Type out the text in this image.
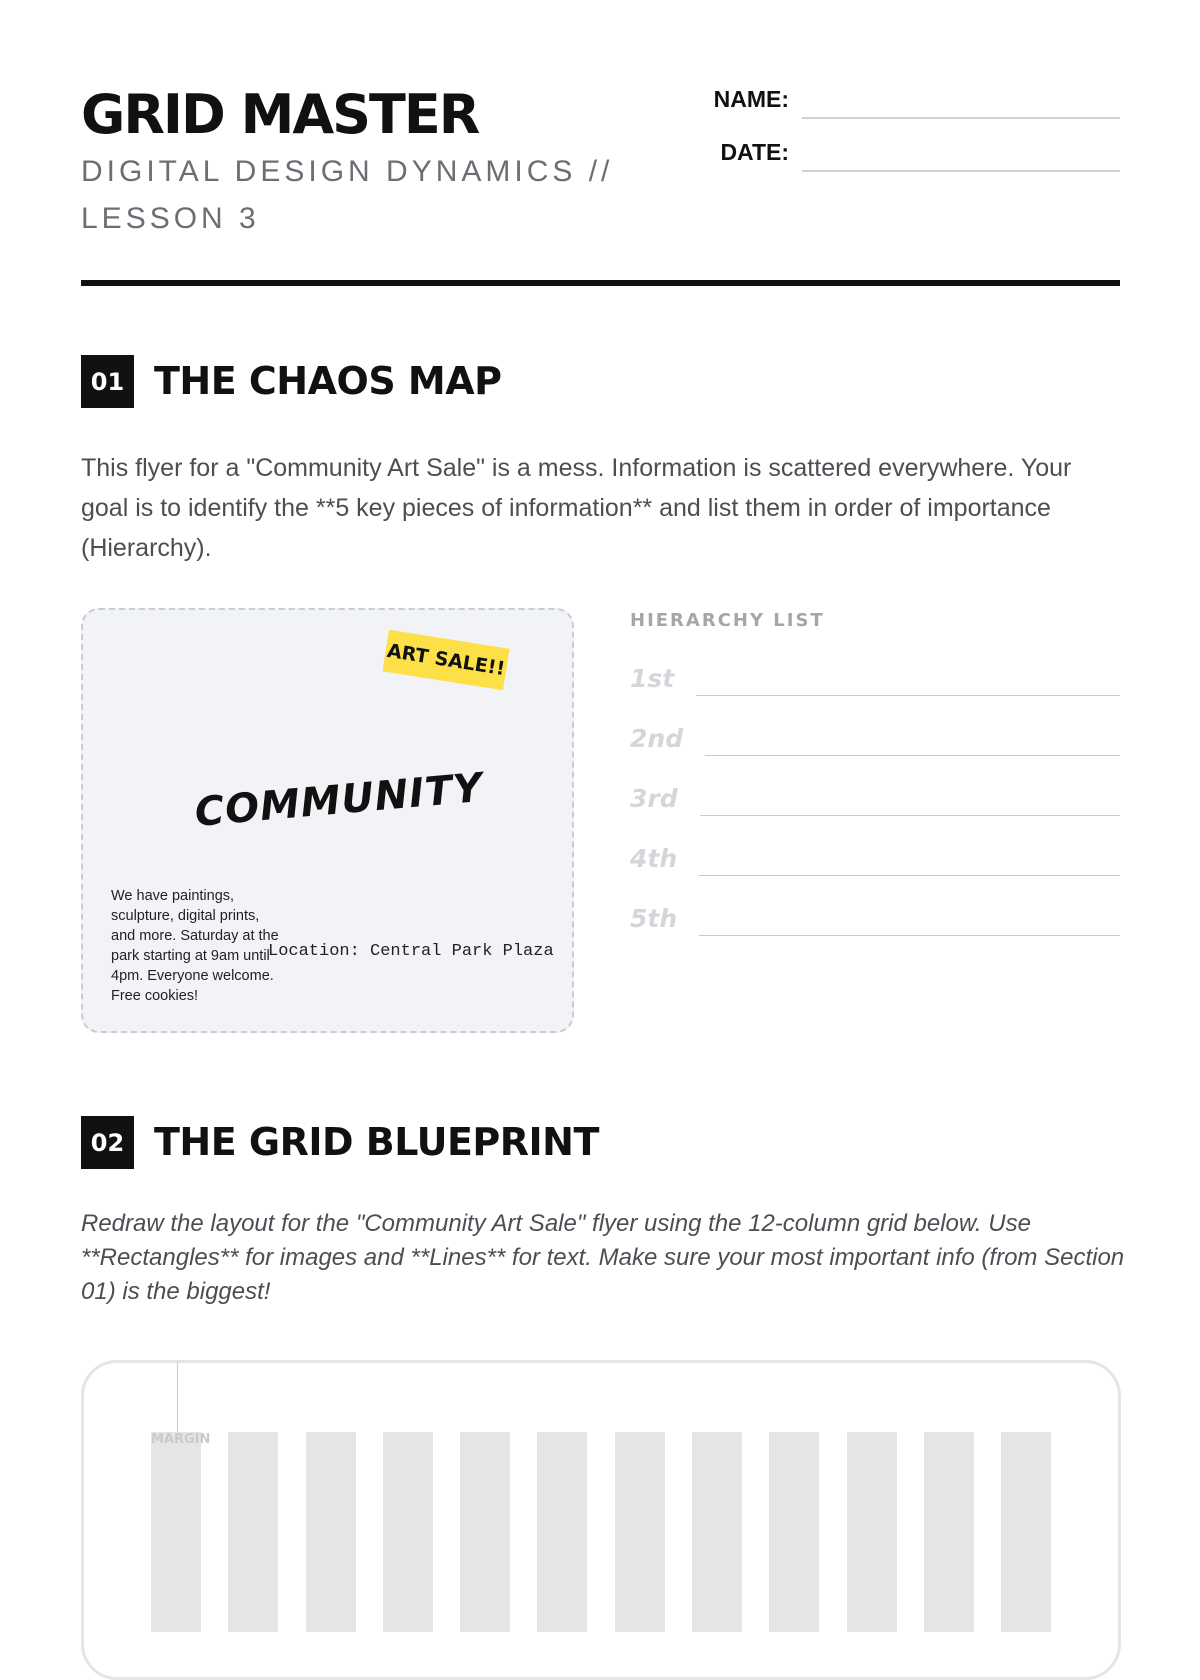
GRID MASTER
DIGITAL DESIGN DYNAMICS // LESSON 3
NAME:
DATE:
01 THE CHAOS MAP
This flyer for a "Community Art Sale" is a mess. Information is scattered everywhere. Your goal is to identify the **5 key pieces of information** and list them in order of importance (Hierarchy).
ART SALE!!
COMMUNITY
We have paintings, sculpture, digital prints, and more. Saturday at the park starting at 9am until 4pm. Everyone welcome. Free cookies!
Location: Central Park Plaza
HIERARCHY LIST
1st
2nd
3rd
4th
5th
02 THE GRID BLUEPRINT
Redraw the layout for the "Community Art Sale" flyer using the 12-column grid below. Use **Rectangles** for images and **Lines** for text. Make sure your most important info (from Section 01) is the biggest!
MARGIN
